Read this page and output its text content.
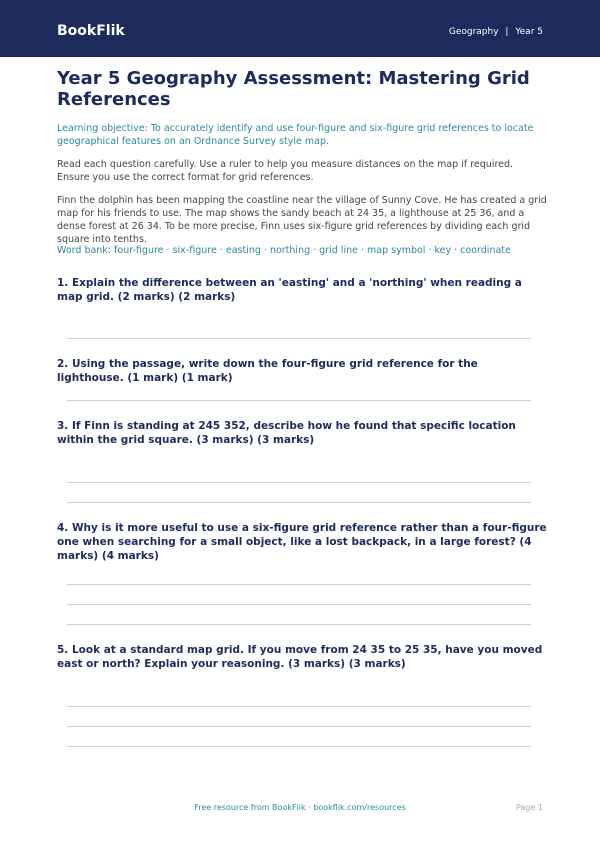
BookFlik	Geography | Year 5
Year 5 Geography Assessment: Mastering Grid References

Learning objective: To accurately identify and use four-figure and six-figure grid references to locate geographical features on an Ordnance Survey style map.

Read each question carefully. Use a ruler to help you measure distances on the map if required. Ensure you use the correct format for grid references.

Finn the dolphin has been mapping the coastline near the village of Sunny Cove. He has created a grid map for his friends to use. The map shows the sandy beach at 24 35, a lighthouse at 25 36, and a dense forest at 26 34. To be more precise, Finn uses six-figure grid references by dividing each grid square into tenths.

Word bank: four-figure · six-figure · easting · northing · grid line · map symbol · key · coordinate

1. Explain the difference between an 'easting' and a 'northing' when reading a map grid. (2 marks) (2 marks)

2. Using the passage, write down the four-figure grid reference for the lighthouse. (1 mark) (1 mark)

3. If Finn is standing at 245 352, describe how he found that specific location within the grid square. (3 marks) (3 marks)

4. Why is it more useful to use a six-figure grid reference rather than a four-figure one when searching for a small object, like a lost backpack, in a large forest? (4 marks) (4 marks)

5. Look at a standard map grid. If you move from 24 35 to 25 35, have you moved east or north? Explain your reasoning. (3 marks) (3 marks)

Free resource from BookFlik · bookflik.com/resources	Page 1
